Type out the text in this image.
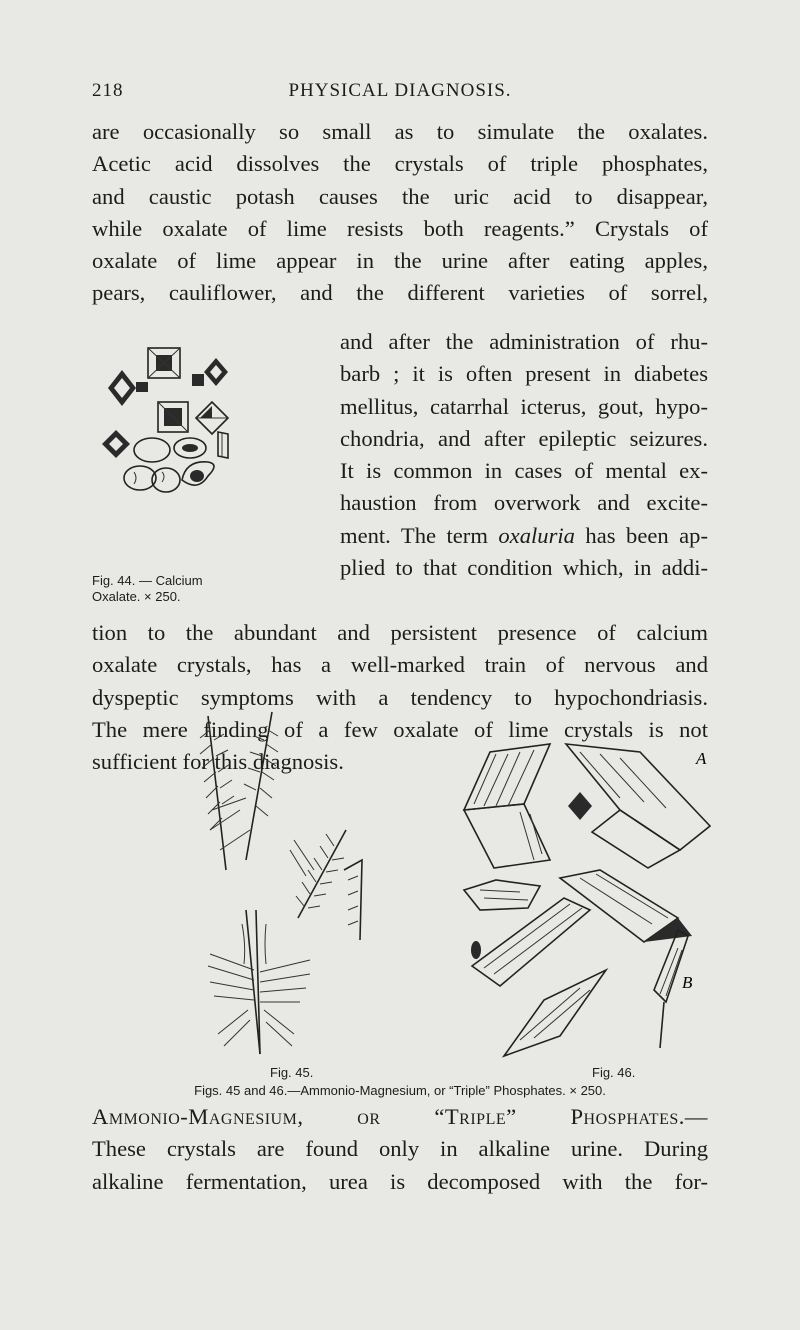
218	PHYSICAL DIAGNOSIS.
are occasionally so small as to simulate the oxalates.
Acetic acid dissolves the crystals of triple phosphates,
and caustic potash causes the uric acid to disappear,
while oxalate of lime resists both reagents.” Crystals of
oxalate of lime appear in the urine after eating apples,
pears, cauliflower, and the different varieties of sorrel,
Fig. 44. — Calcium
Oxalate. × 250.
and after the administration of rhu-
barb ; it is often present in diabetes
mellitus, catarrhal icterus, gout, hypo-
chondria, and after epileptic seizures.
It is common in cases of mental ex-
haustion from overwork and excite-
ment. The term oxaluria has been ap-
plied to that condition which, in addi-
tion to the abundant and persistent presence of calcium
oxalate crystals, has a well-marked train of nervous and
dyspeptic symptoms with a tendency to hypochondriasis.
The mere finding of a few oxalate of lime crystals is not
sufficient for this diagnosis.	A
B
Fig. 45.	Fig. 46.
Figs. 45 and 46.—Ammonio-Magnesium, or “Triple” Phosphates. × 250.
Ammonio-Magnesium, or “Triple” Phosphates.—
These crystals are found only in alkaline urine. During
alkaline fermentation, urea is decomposed with the for-
